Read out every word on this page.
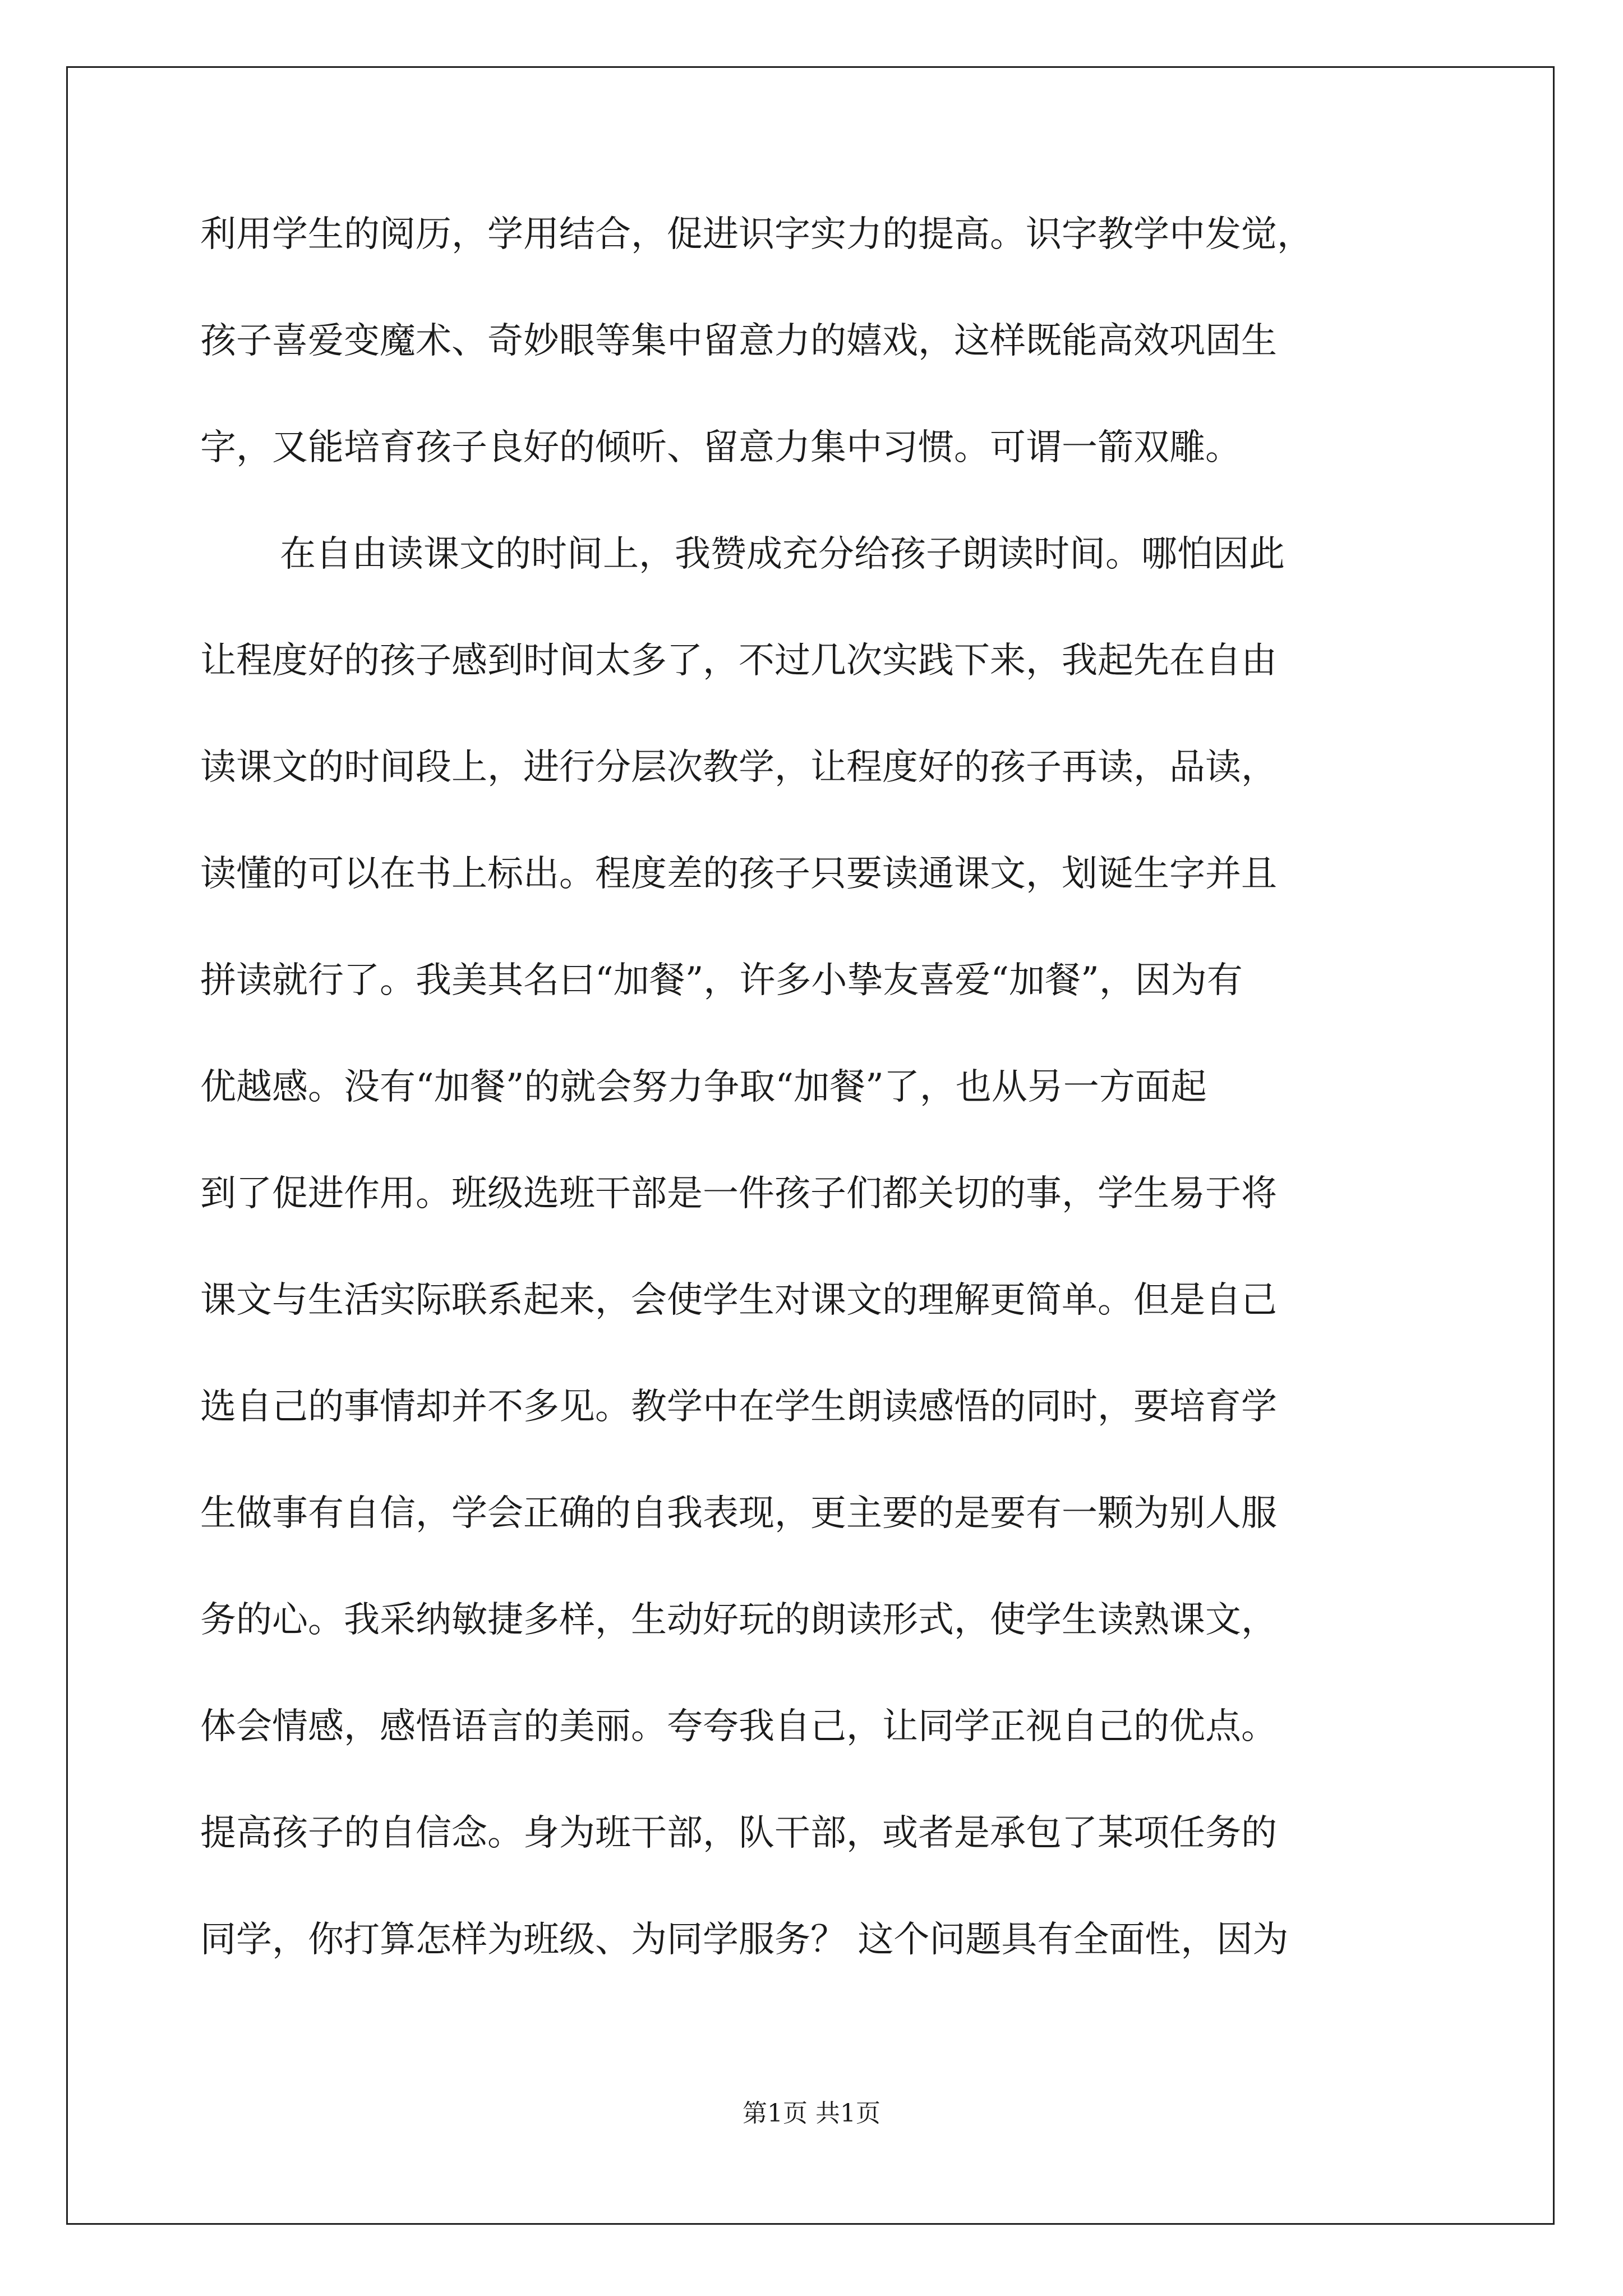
利用学生的阅历，学用结合，促进识字实力的提高。识字教学中发觉，
孩子喜爱变魔术、奇妙眼等集中留意力的嬉戏，这样既能高效巩固生
字，又能培育孩子良好的倾听、留意力集中习惯。可谓一箭双雕。
在自由读课文的时间上，我赞成充分给孩子朗读时间。哪怕因此
让程度好的孩子感到时间太多了，不过几次实践下来，我起先在自由
读课文的时间段上，进行分层次教学，让程度好的孩子再读，品读，
读懂的可以在书上标出。程度差的孩子只要读通课文，划诞生字并且
拼读就行了。我美其名曰“加餐”，许多小挚友喜爱“加餐”，因为有
优越感。没有“加餐”的就会努力争取“加餐”了，也从另一方面起
到了促进作用。班级选班干部是一件孩子们都关切的事，学生易于将
课文与生活实际联系起来，会使学生对课文的理解更简单。但是自己
选自己的事情却并不多见。教学中在学生朗读感悟的同时，要培育学
生做事有自信，学会正确的自我表现，更主要的是要有一颗为别人服
务的心。我采纳敏捷多样，生动好玩的朗读形式，使学生读熟课文，
体会情感，感悟语言的美丽。夸夸我自己，让同学正视自己的优点。
提高孩子的自信念。身为班干部，队干部，或者是承包了某项任务的
同学，你打算怎样为班级、为同学服务？ 这个问题具有全面性，因为
第1页 共1页
